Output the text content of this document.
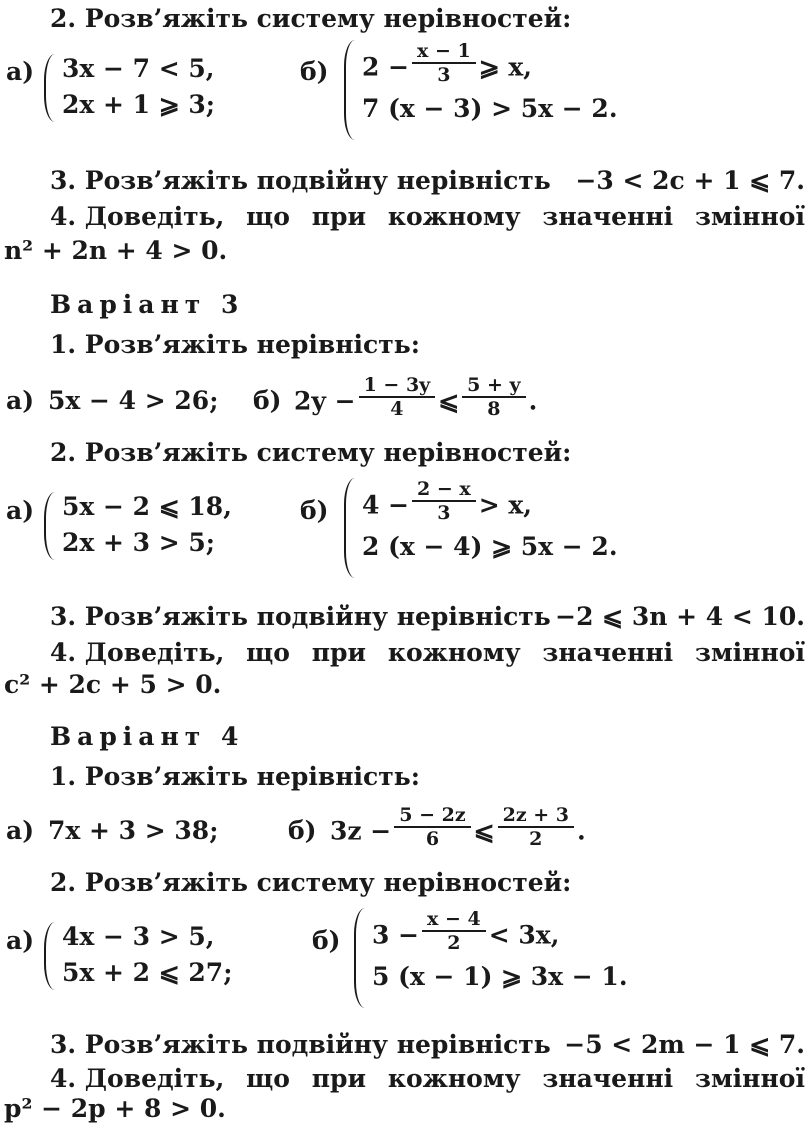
2. Розв’яжіть систему нерівностей:
а) 3x − 7 < 5,
2x + 1 ⩾ 3;
б) $2 - \frac{x - 1}{3}$ ⩾ x,
7 (x − 3) > 5x − 2.
3. Розв’яжіть подвійну нерівність −3 < 2c + 1 ⩽ 7.
4. Доведіть, що при кожному значенні змінної
n² + 2n + 4 > 0.
Варіант 3
1. Розв’яжіть нерівність:
а) 5x − 4 > 26; б) $2y - \frac{1 - 3y}{4}$ ⩽ $\frac{5 + y}{8}$ .
2. Розв’яжіть систему нерівностей:
а) 5x − 2 ⩽ 18,
2x + 3 > 5;
б) $4 - \frac{2 - x}{3} > x$,
2 (x − 4) ⩾ 5x − 2.
3. Розв’яжіть подвійну нерівність −2 ⩽ 3n + 4 < 10.
4. Доведіть, що при кожному значенні змінної
c² + 2c + 5 > 0.
Варіант 4
1. Розв’яжіть нерівність:
а) 7x + 3 > 38;	б) $3z - \frac{5 - 2z}{6}$ ⩽ $\frac{2z + 3}{2}$ .
2. Розв’яжіть систему нерівностей:
а) 4x − 3 > 5,
5x + 2 ⩽ 27;
б) $3 - \frac{x - 4}{2} < 3x$,
5 (x − 1) ⩾ 3x − 1.
3. Розв’яжіть подвійну нерівність −5 < 2m − 1 ⩽ 7.
4. Доведіть, що при кожному значенні змінної
p² − 2p + 8 > 0.
